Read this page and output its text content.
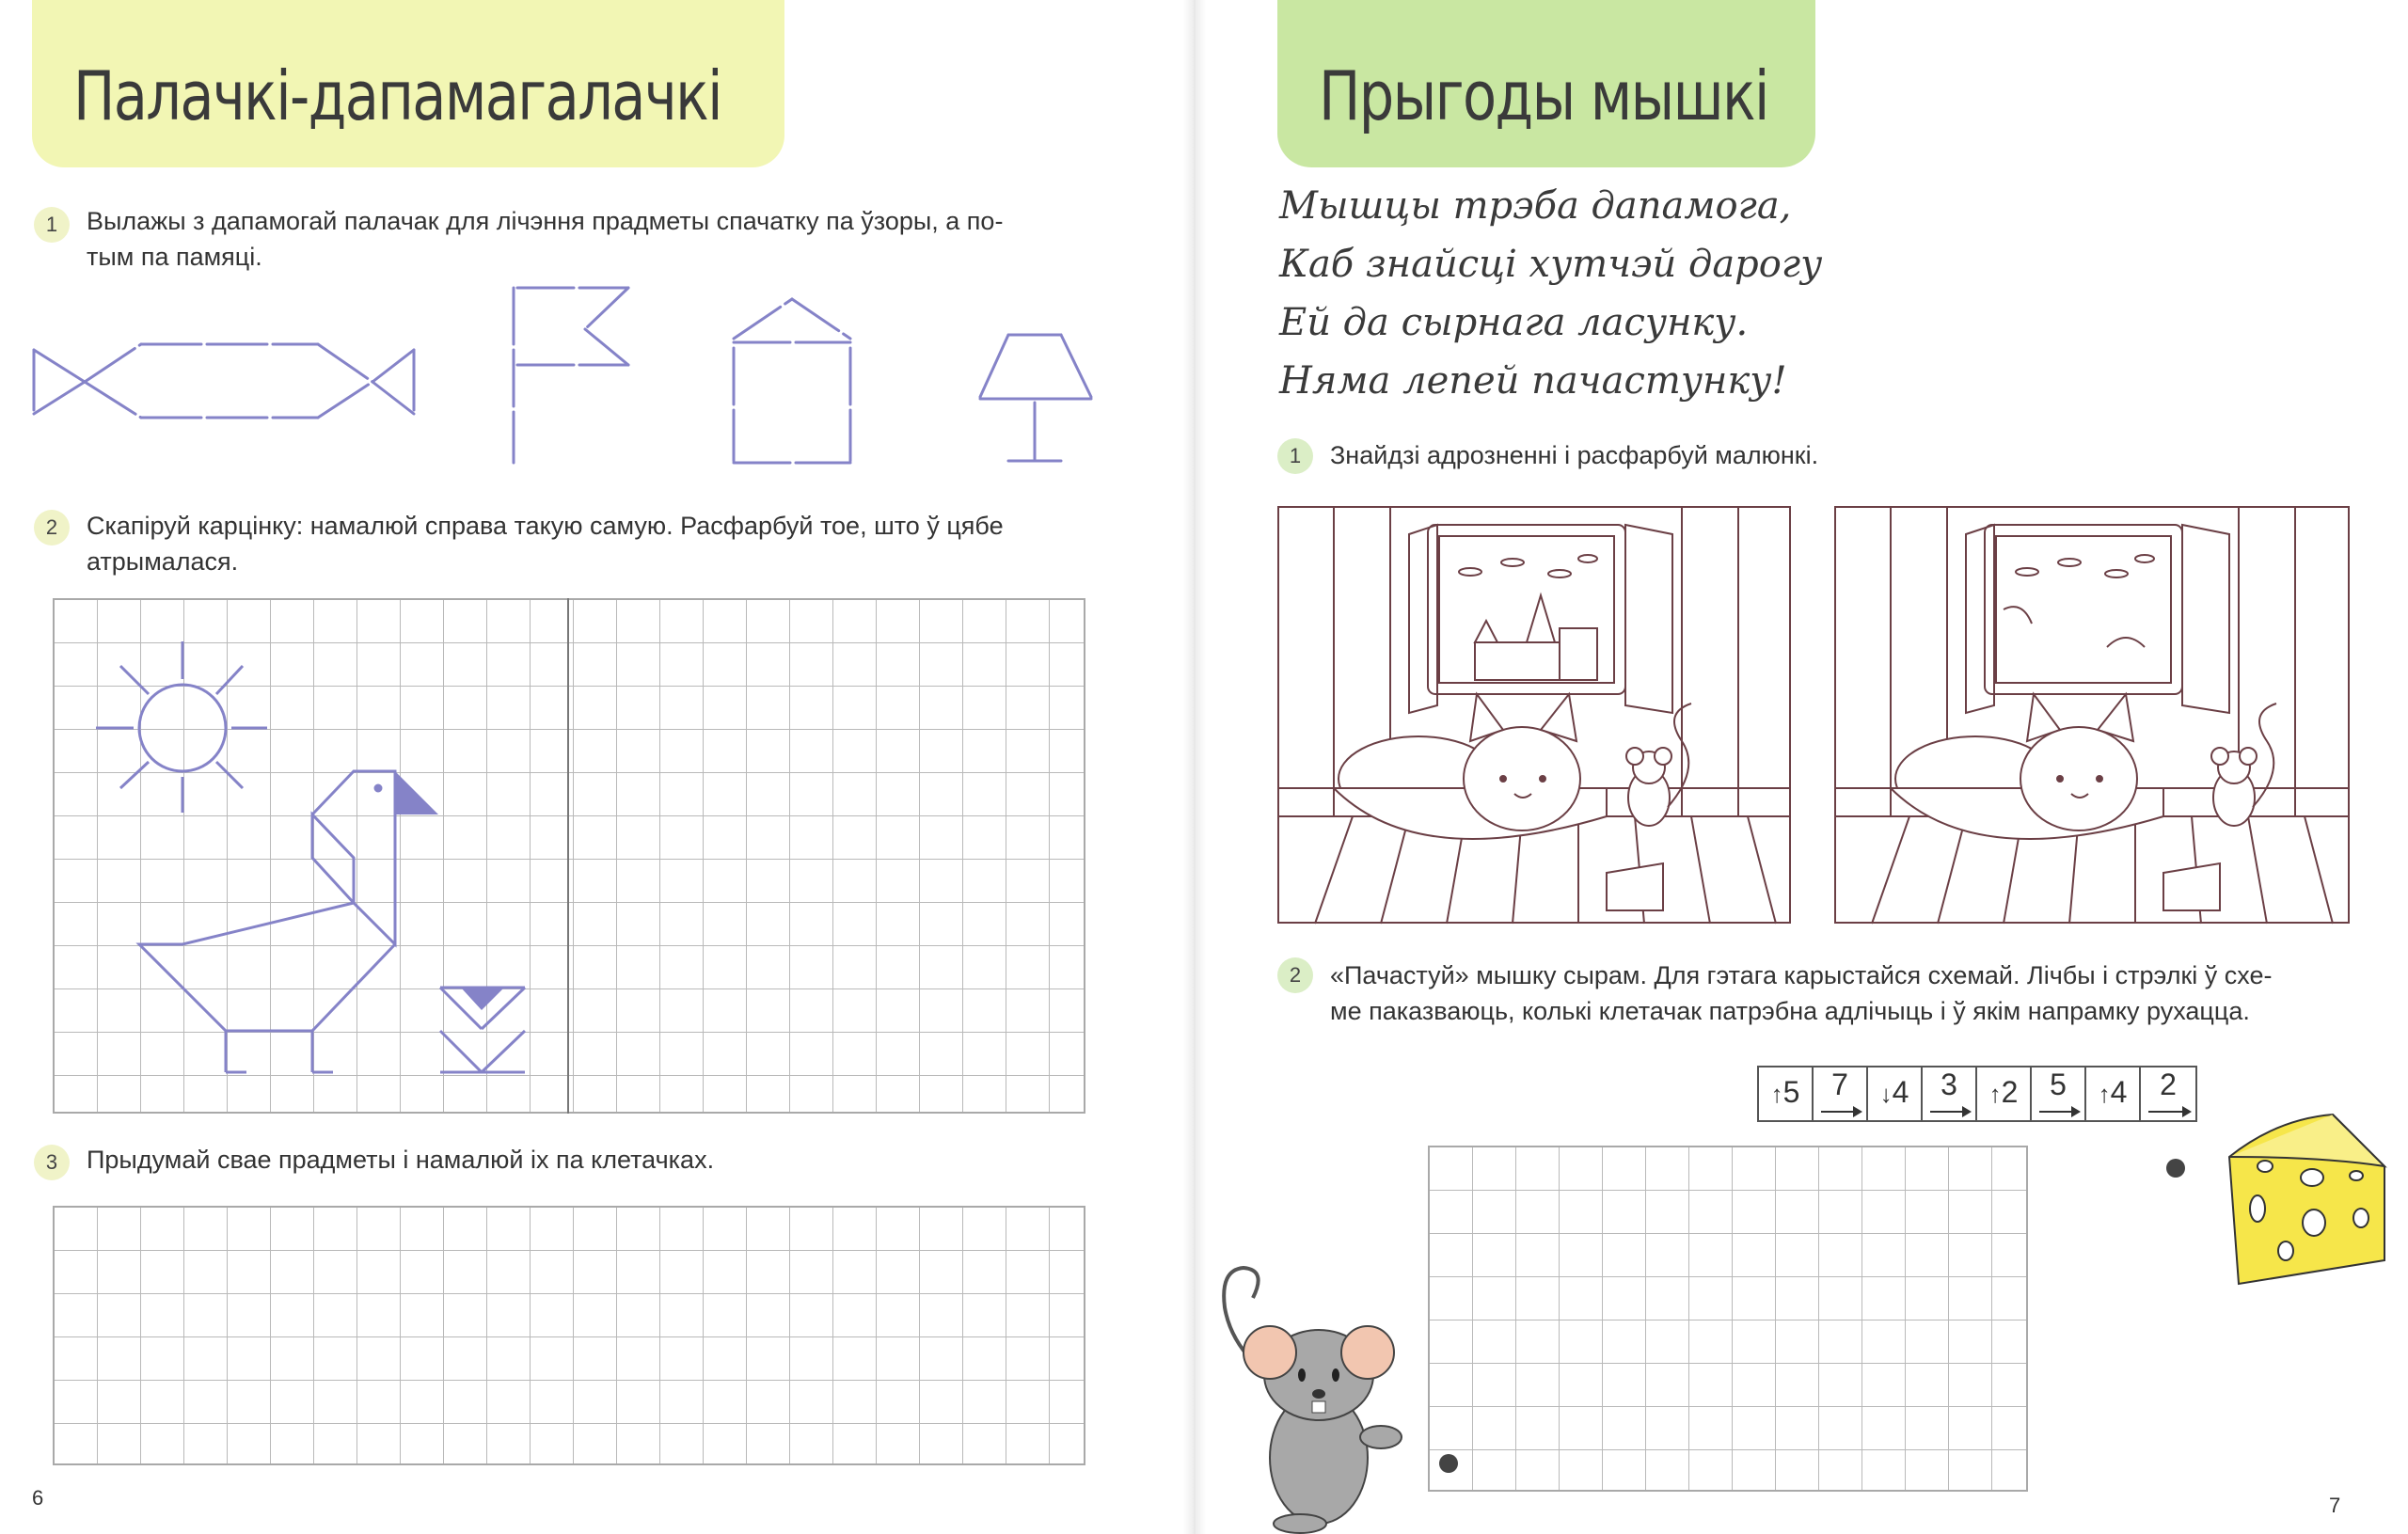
Палачкі-дапамагалачкі
1	Вылажы з дапамогай палачак для лічэння прадметы спачатку па ўзоры, а по-
тым па памяці.
2	Скапіруй карцінку: намалюй справа такую самую. Расфарбуй тое, што ў цябе
атрымалася.
3	Прыдумай свае прадметы і намалюй іх па клетачках.
6
Прыгоды мышкі
Мышцы трэба дапамога,
Каб знайсці хутчэй дарогу
Ей да сырнага ласунку.
Няма лепей пачастунку!
1	Знайдзі адрозненні і расфарбуй малюнкі.
2	«Пачастуй» мышку сырам. Для гэтага карыстайся схемай. Лічбы і стрэлкі ў схе-
ме паказваюць, колькі клетачак патрэбна адлічыць і ў якім напрамку рухацца.
↑5	7	↓4	3	↑2	5	↑4	2
7
